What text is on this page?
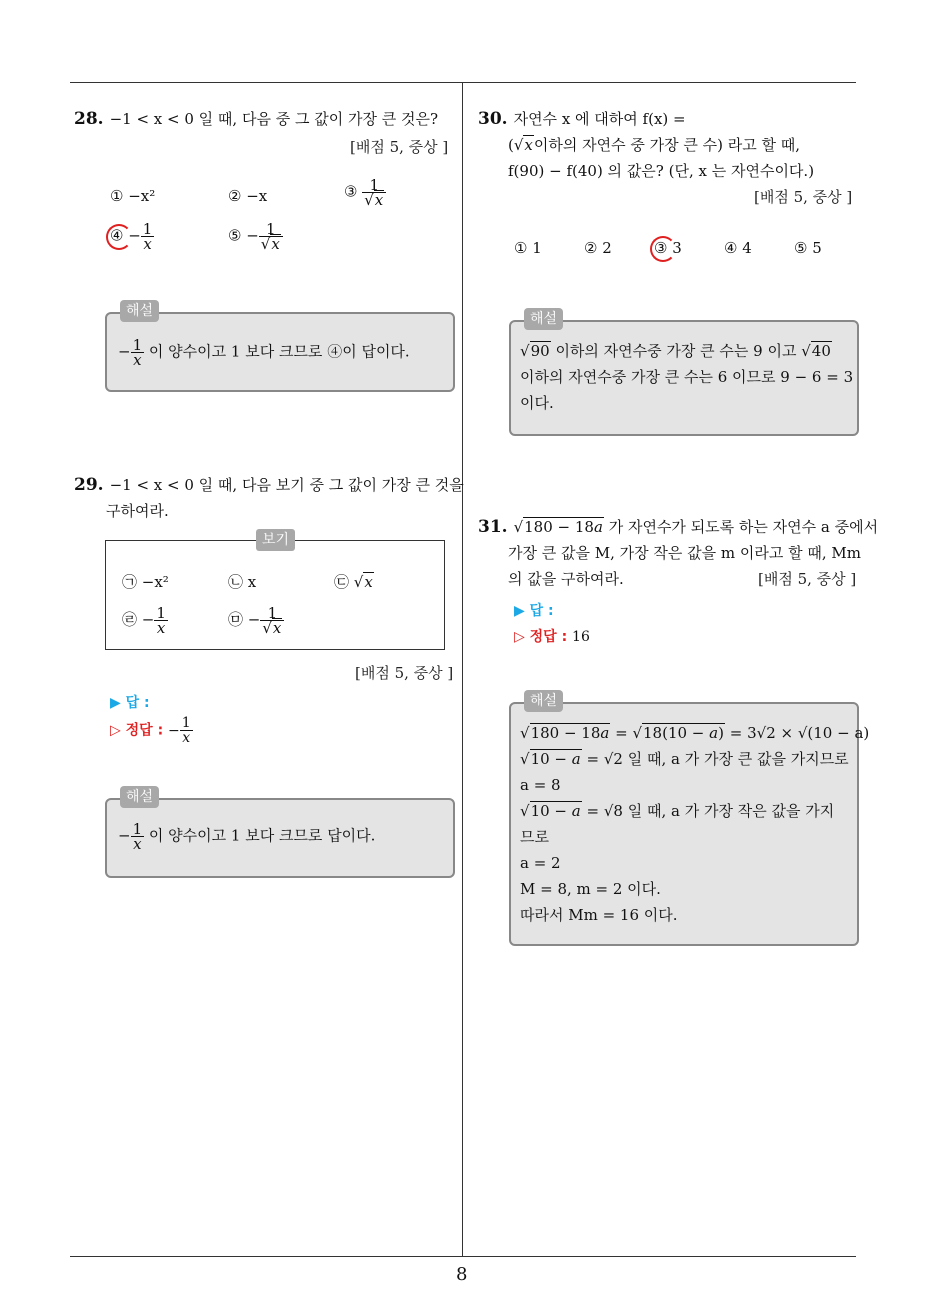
8
28. −1 < x < 0 일 때, 다음 중 그 값이 가장 큰 것은?
[배점 5, 중상 ]
① −x²	② −x	③ $\frac{1}{√x}$
④ − $\frac{1}{x}$	⑤ − $\frac{1}{√x}$
해설
− $\frac{1}{x}$ 이 양수이고 1 보다 크므로 ④이 답이다.
29. −1 < x < 0 일 때, 다음 보기 중 그 값이 가장 큰 것을
구하여라.
보기
㉠ −x²	㉡ x	㉢ √x
㉣ − $\frac{1}{x}$	㉤ − $\frac{1}{√x}$
[배점 5, 중상 ]
▶ 답 :
▷ 정답 : − $\frac{1}{x}$
해설
− $\frac{1}{x}$ 이 양수이고 1 보다 크므로 답이다.
30. 자연수 x 에 대하여 f(x) =
(√x이하의 자연수 중 가장 큰 수) 라고 할 때,
f(90) − f(40) 의 값은? (단, x 는 자연수이다.)
[배점 5, 중상 ]
① 1	② 2	③ 3	④ 4	⑤ 5
해설
√90 이하의 자연수중 가장 큰 수는 9 이고 √40
이하의 자연수중 가장 큰 수는 6 이므로 9 − 6 = 3
이다.
31. √180 − 18a 가 자연수가 되도록 하는 자연수 a 중에서
가장 큰 값을 M, 가장 작은 값을 m 이라고 할 때, Mm
의 값을 구하여라.	[배점 5, 중상 ]
▶ 답 :
▷ 정답 : 16
해설
√180 − 18a = √18(10 − a) = 3√2 × √(10 − a)
√10 − a = √2 일 때, a 가 가장 큰 값을 가지므로
a = 8
√10 − a = √8 일 때, a 가 가장 작은 값을 가지
므로
a = 2
M = 8, m = 2 이다.
따라서 Mm = 16 이다.
